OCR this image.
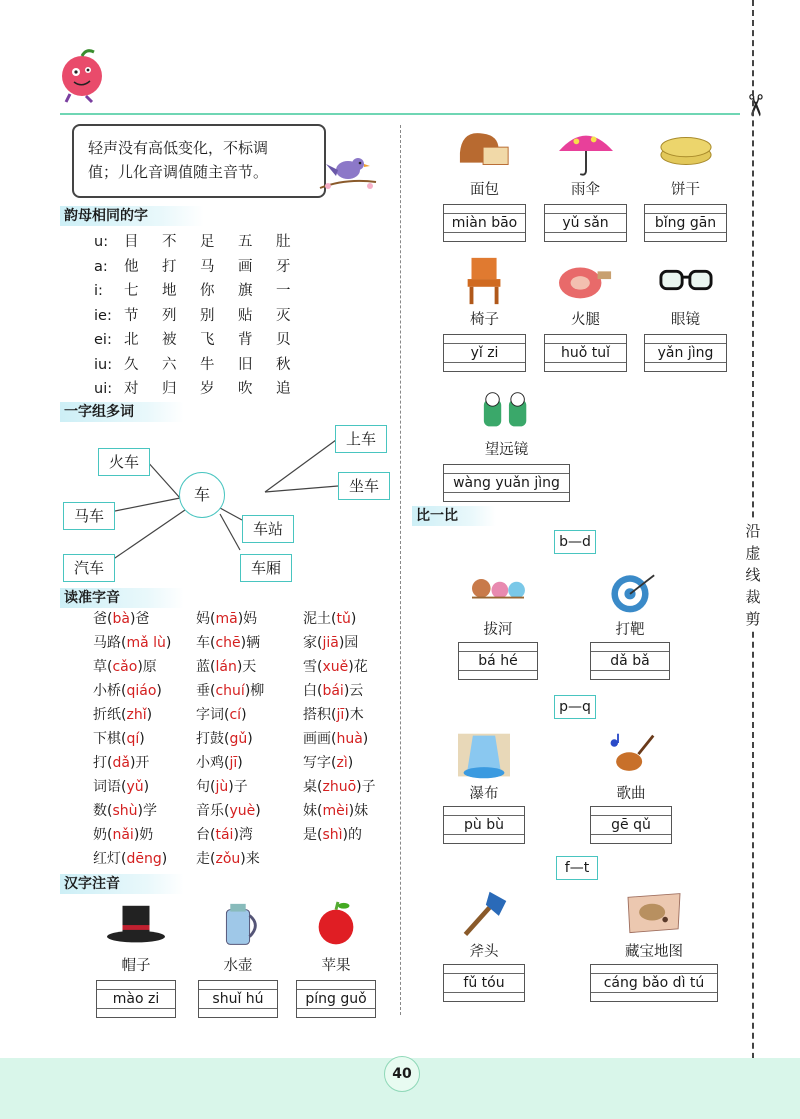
✂
沿
虚
线
裁
剪

轻声没有高低变化，不标调
值；儿化音调值随主音节。

韵母相同的字
u: 目 不 足 五 肚
a: 他 打 马 画 牙
i: 七 地 你 旗 一
ie: 节 列 别 贴 灭
ei: 北 被 飞 背 贝
iu: 久 六 牛 旧 秋
ui: 对 归 岁 吹 追
一字组多词
车
火车
马车
汽车
上车
坐车
车站
车厢
读准字音
爸(bà)爸	妈(mā)妈	泥土(tǔ)
马路(mǎ lù) 车(chē)辆	家(jiā)园
草(cǎo)原	蓝(lán)天	雪(xuě)花
小桥(qiáo) 垂(chuí)柳	白(bái)云
折纸(zhǐ)	字词(cí)	搭积(jī)木
下棋(qí)	打鼓(gǔ)	画画(huà)
打(dǎ)开	小鸡(jī)	写字(zì)
词语(yǔ)	句(jù)子	桌(zhuō)子
数(shù)学	音乐(yuè)	妹(mèi)妹
奶(nǎi)奶	台(tái)湾	是(shì)的
红灯(dēng) 走(zǒu)来
汉字注音
帽子
mào zi
水壶
shuǐ hú
苹果
píng guǒ
面包
miàn bāo
雨伞
yǔ sǎn
饼干
bǐng gān
椅子
yǐ zi
火腿
huǒ tuǐ
眼镜
yǎn jìng
望远镜
wàng yuǎn jìng
比一比
b—d
拔河
bá hé
打靶
dǎ bǎ
p—q
瀑布
pù bù
歌曲
gē qǔ
f—t
斧头
fǔ tóu
藏宝地图
cáng bǎo dì tú
40
